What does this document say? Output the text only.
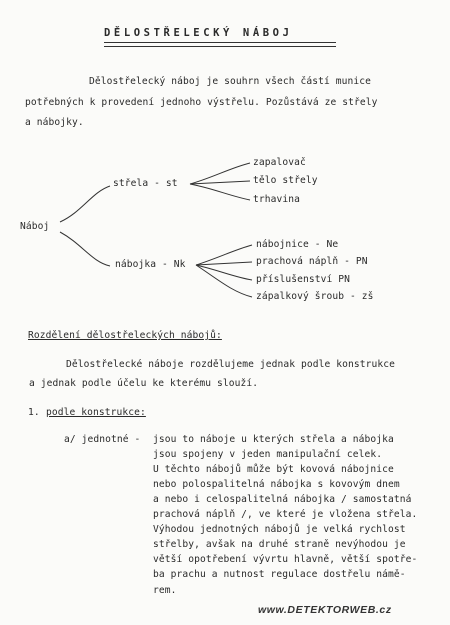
DĚLOSTŘELECKÝ NÁBOJ
Dělostřelecký náboj je souhrn všech částí munice
potřebných k provedení jednoho výstřelu. Pozůstává ze střely
a nábojky.
Náboj
střela - st
zapalovač
tělo střely
trhavina
nábojka - Nk
nábojnice - Ne
prachová náplň - PN
příslušenství PN
zápalkový šroub - zš
Rozdělení dělostřeleckých nábojů:
Dělostřelecké náboje rozdělujeme jednak podle konstrukce
a jednak podle účelu ke kterému slouží.
1. podle konstrukce:
a/ jednotné - jsou to náboje u kterých střela a nábojka
jsou spojeny v jeden manipulační celek.
U těchto nábojů může být kovová nábojnice
nebo polospalitelná nábojka s kovovým dnem
a nebo i celospalitelná nábojka / samostatná
prachová náplň /, ve které je vložena střela.
Výhodou jednotných nábojů je velká rychlost
střelby, avšak na druhé straně nevýhodou je
větší opotřebení vývrtu hlavně, větší spotře-
ba prachu a nutnost regulace dostřelu námě-
rem.
www.DETEKTORWEB.cz
